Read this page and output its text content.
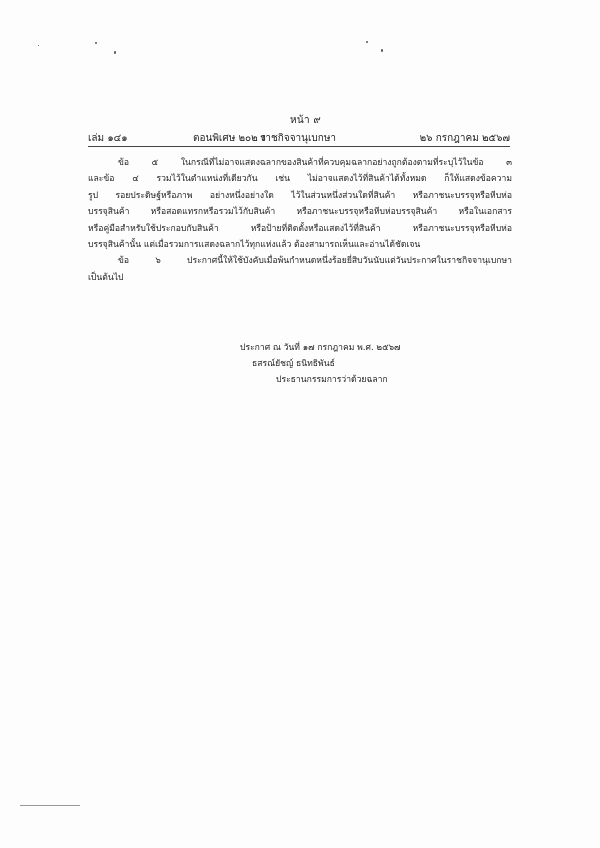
หน้า ๙
เล่ม ๑๔๑	ตอนพิเศษ ๒๐๒ ง
ราชกิจจานุเบกษา	๒๖ กรกฎาคม ๒๕๖๗
ข้อ ๕ ในกรณีที่ไม่อาจแสดงฉลากของสินค้าที่ควบคุมฉลากอย่างถูกต้องตามที่ระบุไว้ในข้อ ๓
และข้อ ๔ รวมไว้ในตำแหน่งที่เดียวกัน เช่น ไม่อาจแสดงไว้ที่สินค้าได้ทั้งหมด ก็ให้แสดงข้อความ
รูป รอยประดิษฐ์หรือภาพ อย่างหนึ่งอย่างใด ไว้ในส่วนหนึ่งส่วนใดที่สินค้า หรือภาชนะบรรจุหรือหีบห่อ
บรรจุสินค้า หรือสอดแทรกหรือรวมไว้กับสินค้า หรือภาชนะบรรจุหรือหีบห่อบรรจุสินค้า หรือในเอกสาร
หรือคู่มือสำหรับใช้ประกอบกับสินค้า หรือป้ายที่ติดตั้งหรือแสดงไว้ที่สินค้า หรือภาชนะบรรจุหรือหีบห่อ
บรรจุสินค้านั้น แต่เมื่อรวมการแสดงฉลากไว้ทุกแห่งแล้ว ต้องสามารถเห็นและอ่านได้ชัดเจน
ข้อ ๖ ประกาศนี้ให้ใช้บังคับเมื่อพ้นกำหนดหนึ่งร้อยยี่สิบวันนับแต่วันประกาศในราชกิจจานุเบกษา
เป็นต้นไป
ประกาศ ณ วันที่ ๑๗ กรกฎาคม พ.ศ. ๒๕๖๗
ธสรณ์ยัชญ์ ธนิทธิพันธ์
ประธานกรรมการว่าด้วยฉลาก
